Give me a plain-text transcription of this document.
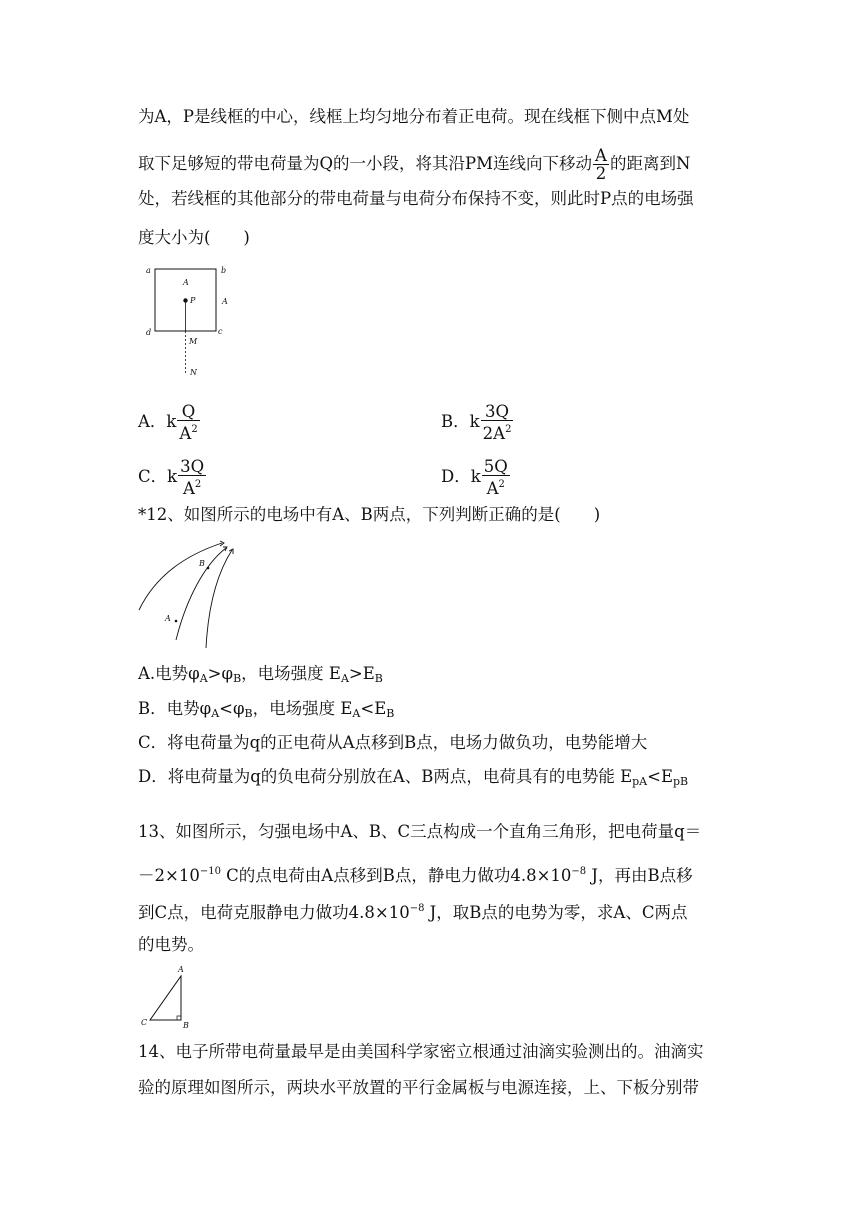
为A，P是线框的中心，线框上均匀地分布着正电荷。现在线框下侧中点M处
取下足够短的带电荷量为Q的一小段，将其沿PM连线向下移动 $\frac{A}{2}$ 的距离到N
处，若线框的其他部分的带电荷量与电荷分布保持不变，则此时P点的电场强
度大小为(　　)
a	b
c
d
A
A
P
M
N
A．k $\frac{Q}{A^2}$	B．k $\frac{3Q}{2A^2}$
C．k $\frac{3Q}{A^2}$	D．k $\frac{5Q}{A^2}$
*12、如图所示的电场中有A、B两点，下列判断正确的是(　　)
A
B
A.电势$\varphi_A>\varphi_B$，电场强度 $E_A>E_B$
B．电势$\varphi_A<\varphi_B$，电场强度 $E_A<E_B$
C．将电荷量为q的正电荷从A点移到B点，电场力做负功，电势能增大
D．将电荷量为q的负电荷分别放在A、B两点，电荷具有的电势能 $E_{pA}<E_{pB}$
13、如图所示，匀强电场中A、B、C三点构成一个直角三角形，把电荷量q＝
$-2\times 10^{-10}$ C的点电荷由A点移到B点，静电力做功$4.8\times 10^{-8}$ J，再由B点移
到C点，电荷克服静电力做功$4.8\times 10^{-8}$ J，取B点的电势为零，求A、C两点
的电势。
A
B
C
14、电子所带电荷量最早是由美国科学家密立根通过油滴实验测出的。油滴实
验的原理如图所示，两块水平放置的平行金属板与电源连接，上、下板分别带
